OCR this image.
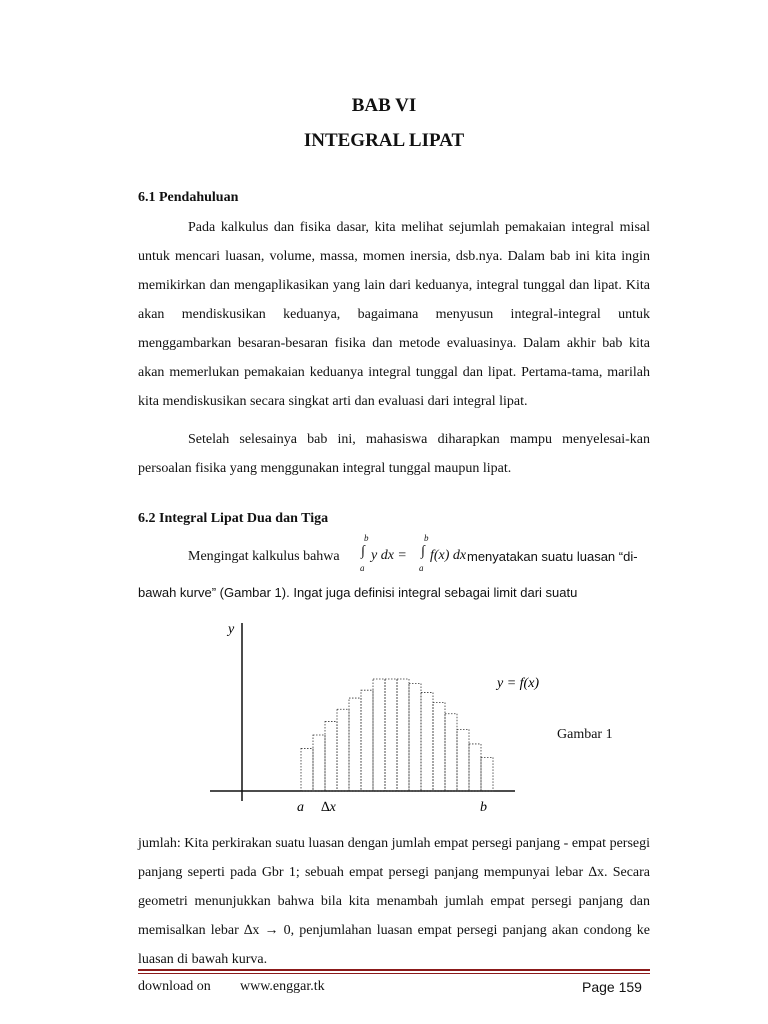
BAB VI
INTEGRAL LIPAT
6.1 Pendahuluan
Pada kalkulus dan fisika dasar, kita melihat sejumlah pemakaian integral misal untuk mencari luasan, volume, massa, momen inersia, dsb.nya. Dalam bab ini kita ingin memikirkan dan mengaplikasikan yang lain dari keduanya, integral tunggal dan lipat. Kita akan mendiskusikan keduanya, bagaimana menyusun integral-integral untuk menggambarkan besaran-besaran fisika dan metode evaluasinya. Dalam akhir bab kita akan memerlukan pemakaian keduanya integral tunggal dan lipat. Pertama-tama, marilah kita mendiskusikan secara singkat arti dan evaluasi dari integral lipat.
Setelah selesainya bab ini, mahasiswa diharapkan mampu menyelesai-kan persoalan fisika yang menggunakan integral tunggal maupun lipat.
6.2 Integral Lipat Dua dan Tiga
Mengingat kalkulus bahwa
b
a
∫ y dx =
b
a
∫ f(x) dx menyatakan suatu luasan “di-
bawah kurve” (Gambar 1). Ingat juga definisi integral sebagai limit dari suatu
y
y = f(x)
a ∆x	b
Gambar 1
jumlah: Kita perkirakan suatu luasan dengan jumlah empat persegi panjang - empat persegi panjang seperti pada Gbr 1; sebuah empat persegi panjang mempunyai lebar ∆x. Secara geometri menunjukkan bahwa bila kita menambah jumlah empat persegi panjang dan memisalkan lebar ∆x → 0, penjumlahan luasan empat persegi panjang akan condong ke luasan di bawah kurva.
download on www.enggar.tk	Page 159
